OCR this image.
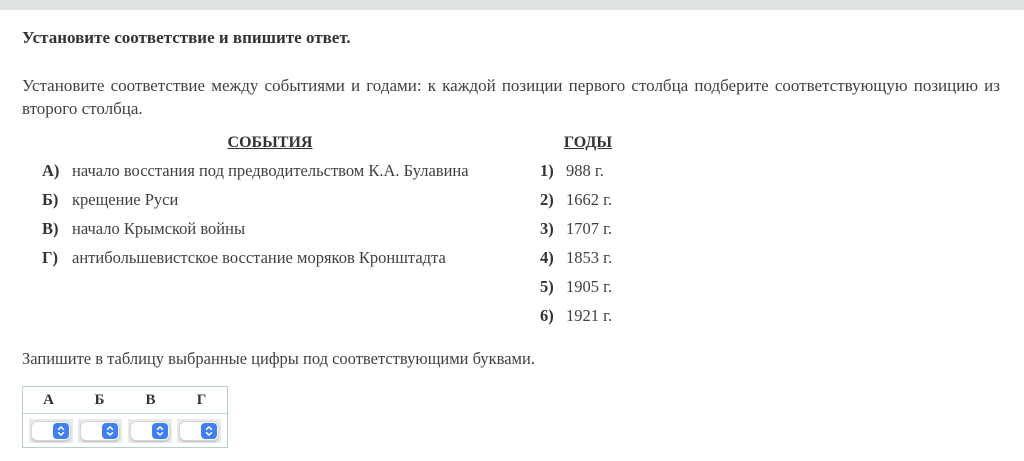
Установите соответствие и впишите ответ.

Установите соответствие между событиями и годами: к каждой позиции первого столбца подберите соответствующую позицию из второго столбца.

СОБЫТИЯ
А) начало восстания под предводительством К.А. Булавина
Б) крещение Руси
В) начало Крымской войны
Г) антибольшевистское восстание моряков Кронштадта
ГОДЫ
1) 988 г.
2) 1662 г.
3) 1707 г.
4) 1853 г.
5) 1905 г.
6) 1921 г.

Запишите в таблицу выбранные цифры под соответствующими буквами.

А	Б	В	Г
